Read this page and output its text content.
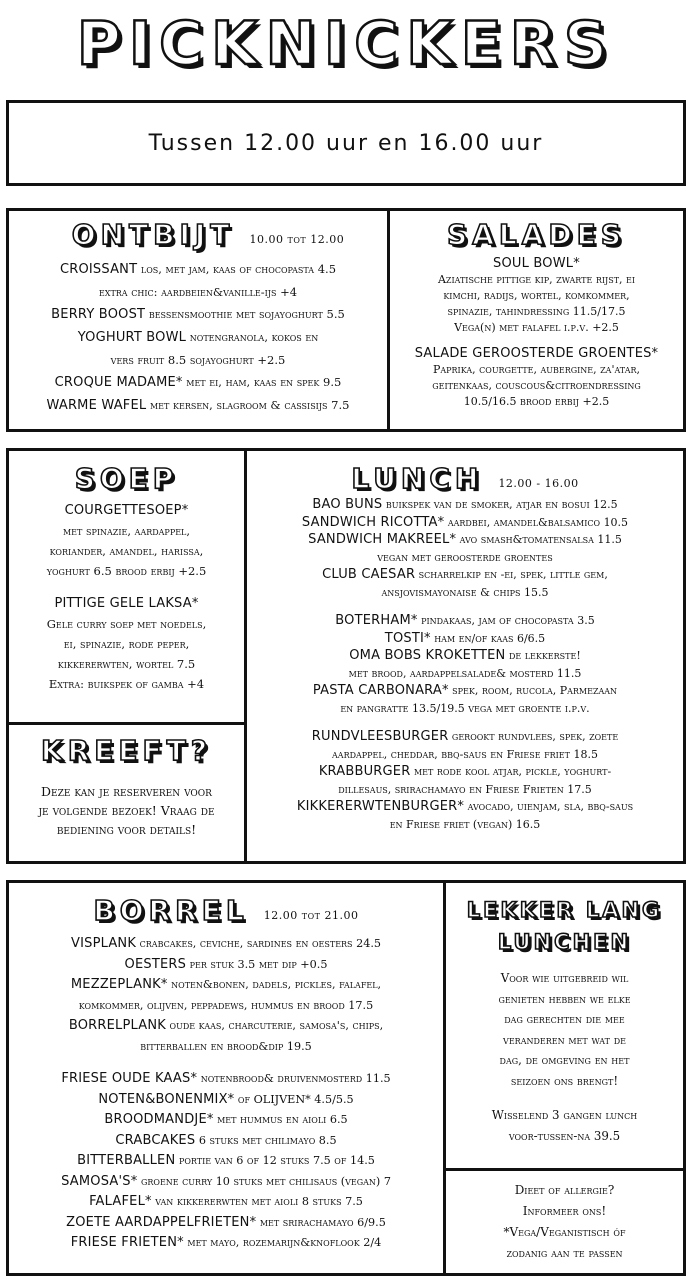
PICKNICKERS
Tussen 12.00 uur en 16.00 uur
ONTBIJT 10.00 tot 12.00
CROISSANT los, met jam, kaas of chocopasta 4.5
extra chic: aardbeien&vanille-ijs +4
BERRY BOOST bessensmoothie met sojayoghurt 5.5
YOGHURT BOWL notengranola, kokos en
vers fruit 8.5 sojayoghurt +2.5
CROQUE MADAME* met ei, ham, kaas en spek 9.5
WARME WAFEL met kersen, slagroom & cassisijs 7.5
SALADES
SOUL BOWL*
Aziatische pittige kip, zwarte rijst, ei
kimchi, radijs, wortel, komkommer,
spinazie, tahindressing 11.5/17.5
Vega(n) met falafel i.p.v. +2.5
SALADE GEROOSTERDE GROENTES*
Paprika, courgette, aubergine, za'atar,
geitenkaas, couscous&citroendressing
10.5/16.5 brood erbij +2.5
SOEP
COURGETTESOEP*
met spinazie, aardappel,
koriander, amandel, harissa,
yoghurt 6.5 brood erbij +2.5
PITTIGE GELE LAKSA*
Gele curry soep met noedels,
ei, spinazie, rode peper,
kikkererwten, wortel 7.5
Extra: buikspek of gamba +4
KREEFT?
Deze kan je reserveren voor
je volgende bezoek! Vraag de
bediening voor details!
LUNCH 12.00 - 16.00
BAO BUNS buikspek van de smoker, atjar en bosui 12.5
SANDWICH RICOTTA* aardbei, amandel&balsamico 10.5
SANDWICH MAKREEL* avo smash&tomatensalsa 11.5
vegan met geroosterde groentes
CLUB CAESAR scharrelkip en -ei, spek, little gem,
ansjovismayonaise & chips 15.5
BOTERHAM* pindakaas, jam of chocopasta 3.5
TOSTI* ham en/of kaas 6/6.5
OMA BOBS KROKETTEN de lekkerste!
met brood, aardappelsalade& mosterd 11.5
PASTA CARBONARA* spek, room, rucola, Parmezaan
en pangratte 13.5/19.5 vega met groente i.p.v.
RUNDVLEESBURGER gerookt rundvlees, spek, zoete
aardappel, cheddar, bbq-saus en Friese friet 18.5
KRABBURGER met rode kool atjar, pickle, yoghurt-
dillesaus, srirachamayo en Friese Frieten 17.5
KIKKERERWTENBURGER* avocado, uienjam, sla, bbq-saus
en Friese friet (vegan) 16.5
BORREL 12.00 tot 21.00
VISPLANK crabcakes, ceviche, sardines en oesters 24.5
OESTERS per stuk 3.5 met dip +0.5
MEZZEPLANK* noten&bonen, dadels, pickles, falafel,
komkommer, olijven, peppadews, hummus en brood 17.5
BORRELPLANK oude kaas, charcuterie, samosa's, chips,
bitterballen en brood&dip 19.5
FRIESE OUDE KAAS* notenbrood& druivenmosterd 11.5
NOTEN&BONENMIX* of OLIJVEN* 4.5/5.5
BROODMANDJE* met hummus en aioli 6.5
CRABCAKES 6 stuks met chilimayo 8.5
BITTERBALLEN portie van 6 of 12 stuks 7.5 of 14.5
SAMOSA'S* groene curry 10 stuks met chilisaus (vegan) 7
FALAFEL* van kikkererwten met aioli 8 stuks 7.5
ZOETE AARDAPPELFRIETEN* met srirachamayo 6/9.5
FRIESE FRIETEN* met mayo, rozemarijn&knoflook 2/4
LEKKER LANG
LUNCHEN
Voor wie uitgebreid wil
genieten hebben we elke
dag gerechten die mee
veranderen met wat de
dag, de omgeving en het
seizoen ons brengt!
Wisselend 3 gangen lunch
voor-tussen-na 39.5
Dieet of allergie?
Informeer ons!
*Vega/Veganistisch óf
zodanig aan te passen
